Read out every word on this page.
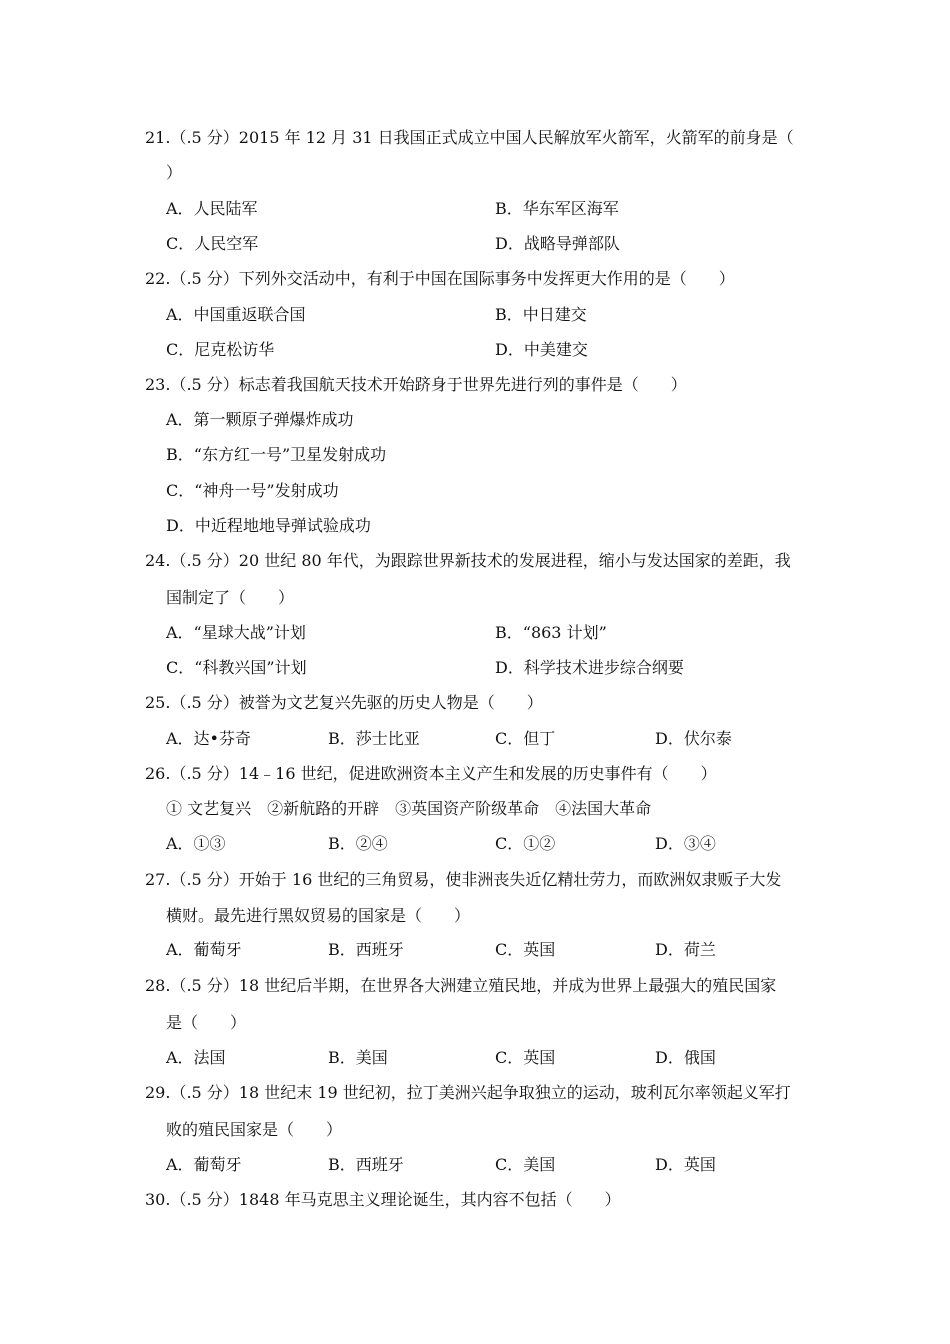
21.（.5 分）2015 年 12 月 31 日我国正式成立中国人民解放军火箭军，火箭军的前身是（
）
A．人民陆军	B．华东军区海军
C．人民空军	D．战略导弹部队
22.（.5 分）下列外交活动中，有利于中国在国际事务中发挥更大作用的是（　　）
A．中国重返联合国	B．中日建交
C．尼克松访华	D．中美建交
23.（.5 分）标志着我国航天技术开始跻身于世界先进行列的事件是（　　）
A．第一颗原子弹爆炸成功
B．“东方红一号”卫星发射成功
C．“神舟一号”发射成功
D．中近程地地导弹试验成功
24.（.5 分）20 世纪 80 年代，为跟踪世界新技术的发展进程，缩小与发达国家的差距，我
国制定了（　　）
A．“星球大战”计划	B．“863 计划”
C．“科教兴国”计划	D．科学技术进步综合纲要
25.（.5 分）被誉为文艺复兴先驱的历史人物是（　　）
A．达•芬奇	B．莎士比亚	C．但丁	D．伏尔泰
26.（.5 分）14﹣16 世纪，促进欧洲资本主义产生和发展的历史事件有（　　）
① 文艺复兴　②新航路的开辟　③英国资产阶级革命　④法国大革命
A．①③	B．②④	C．①②	D．③④
27.（.5 分）开始于 16 世纪的三角贸易，使非洲丧失近亿精壮劳力，而欧洲奴隶贩子大发
横财。最先进行黑奴贸易的国家是（　　）
A．葡萄牙	B．西班牙	C．英国	D．荷兰
28.（.5 分）18 世纪后半期，在世界各大洲建立殖民地，并成为世界上最强大的殖民国家
是（　　）
A．法国	B．美国	C．英国	D．俄国
29.（.5 分）18 世纪末 19 世纪初，拉丁美洲兴起争取独立的运动，玻利瓦尔率领起义军打
败的殖民国家是（　　）
A．葡萄牙	B．西班牙	C．美国	D．英国
30.（.5 分）1848 年马克思主义理论诞生，其内容不包括（　　）
